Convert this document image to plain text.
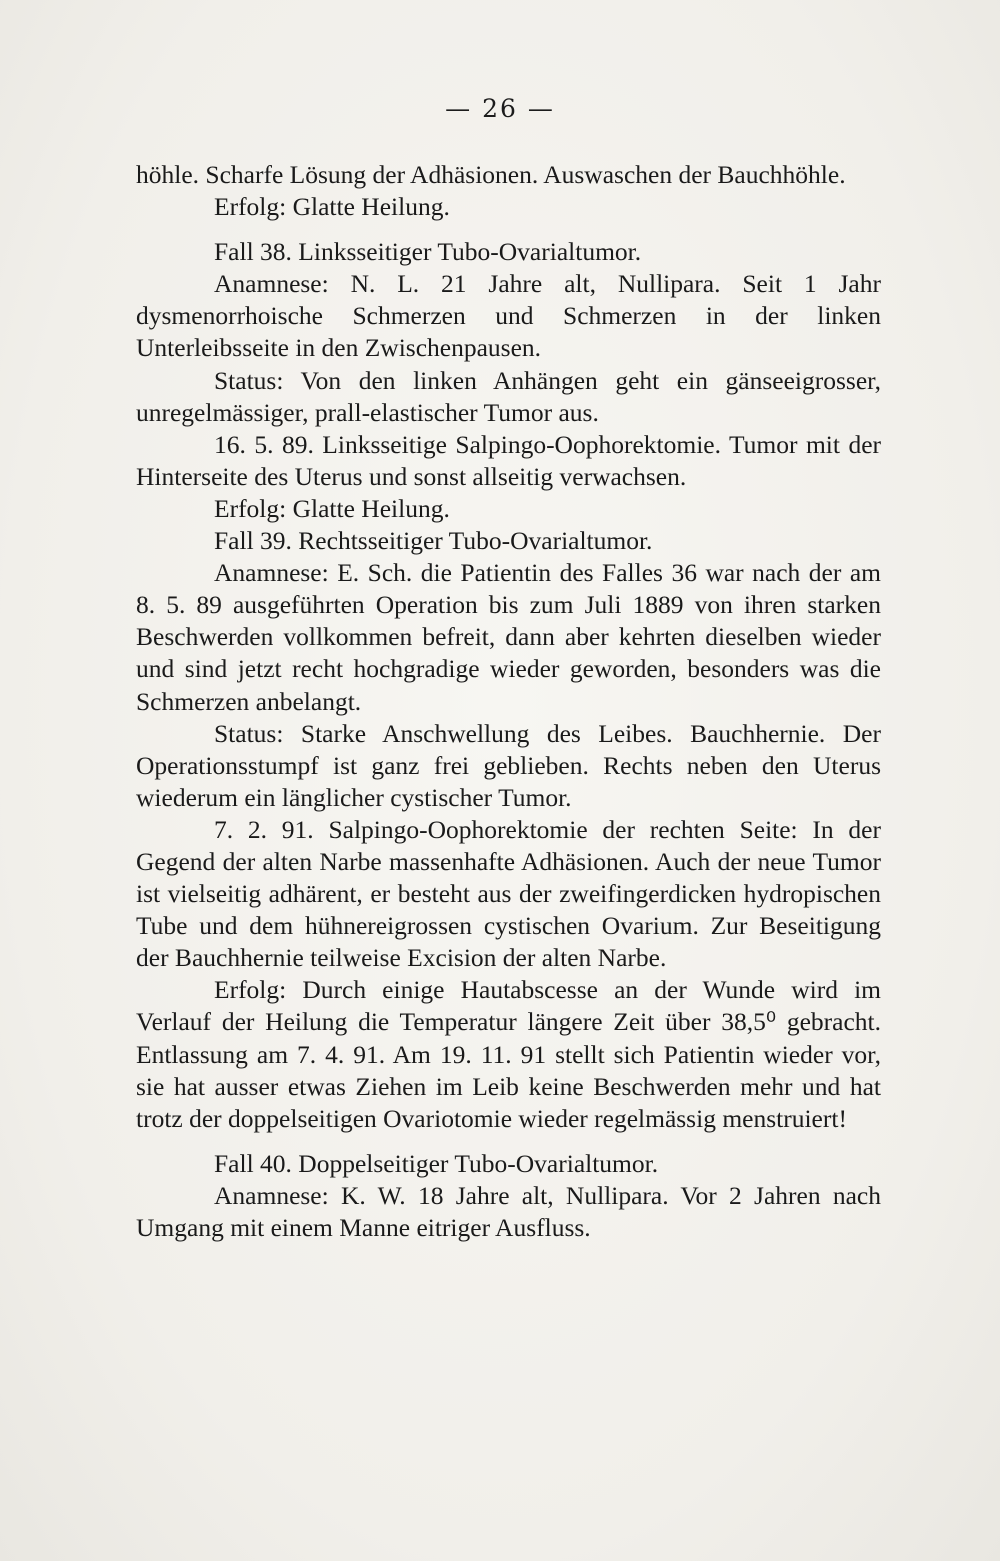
— 26 —

höhle. Scharfe Lösung der Adhäsionen. Auswaschen der Bauchhöhle.

Erfolg: Glatte Heilung.

Fall 38. Linksseitiger Tubo-Ovarialtumor.

Anamnese: N. L. 21 Jahre alt, Nullipara. Seit 1 Jahr dysmenorrhoische Schmerzen und Schmerzen in der linken Unterleibsseite in den Zwischenpausen.

Status: Von den linken Anhängen geht ein gänseeigrosser, unregelmässiger, prall-elastischer Tumor aus.

16. 5. 89. Linksseitige Salpingo-Oophorektomie. Tumor mit der Hinterseite des Uterus und sonst allseitig verwachsen.

Erfolg: Glatte Heilung.

Fall 39. Rechtsseitiger Tubo-Ovarialtumor.

Anamnese: E. Sch. die Patientin des Falles 36 war nach der am 8. 5. 89 ausgeführten Operation bis zum Juli 1889 von ihren starken Beschwerden vollkommen befreit, dann aber kehrten dieselben wieder und sind jetzt recht hochgradige wieder geworden, besonders was die Schmerzen anbelangt.

Status: Starke Anschwellung des Leibes. Bauchhernie. Der Operationsstumpf ist ganz frei geblieben. Rechts neben den Uterus wiederum ein länglicher cystischer Tumor.

7. 2. 91. Salpingo-Oophorektomie der rechten Seite: In der Gegend der alten Narbe massenhafte Adhäsionen. Auch der neue Tumor ist vielseitig adhärent, er besteht aus der zweifingerdicken hydropischen Tube und dem hühnereigrossen cystischen Ovarium. Zur Beseitigung der Bauchhernie teilweise Excision der alten Narbe.

Erfolg: Durch einige Hautabscesse an der Wunde wird im Verlauf der Heilung die Temperatur längere Zeit über 38,5⁰ gebracht. Entlassung am 7. 4. 91. Am 19. 11. 91 stellt sich Patientin wieder vor, sie hat ausser etwas Ziehen im Leib keine Beschwerden mehr und hat trotz der doppelseitigen Ovariotomie wieder regelmässig menstruiert!

Fall 40. Doppelseitiger Tubo-Ovarialtumor.

Anamnese: K. W. 18 Jahre alt, Nullipara. Vor 2 Jahren nach Umgang mit einem Manne eitriger Ausfluss.
